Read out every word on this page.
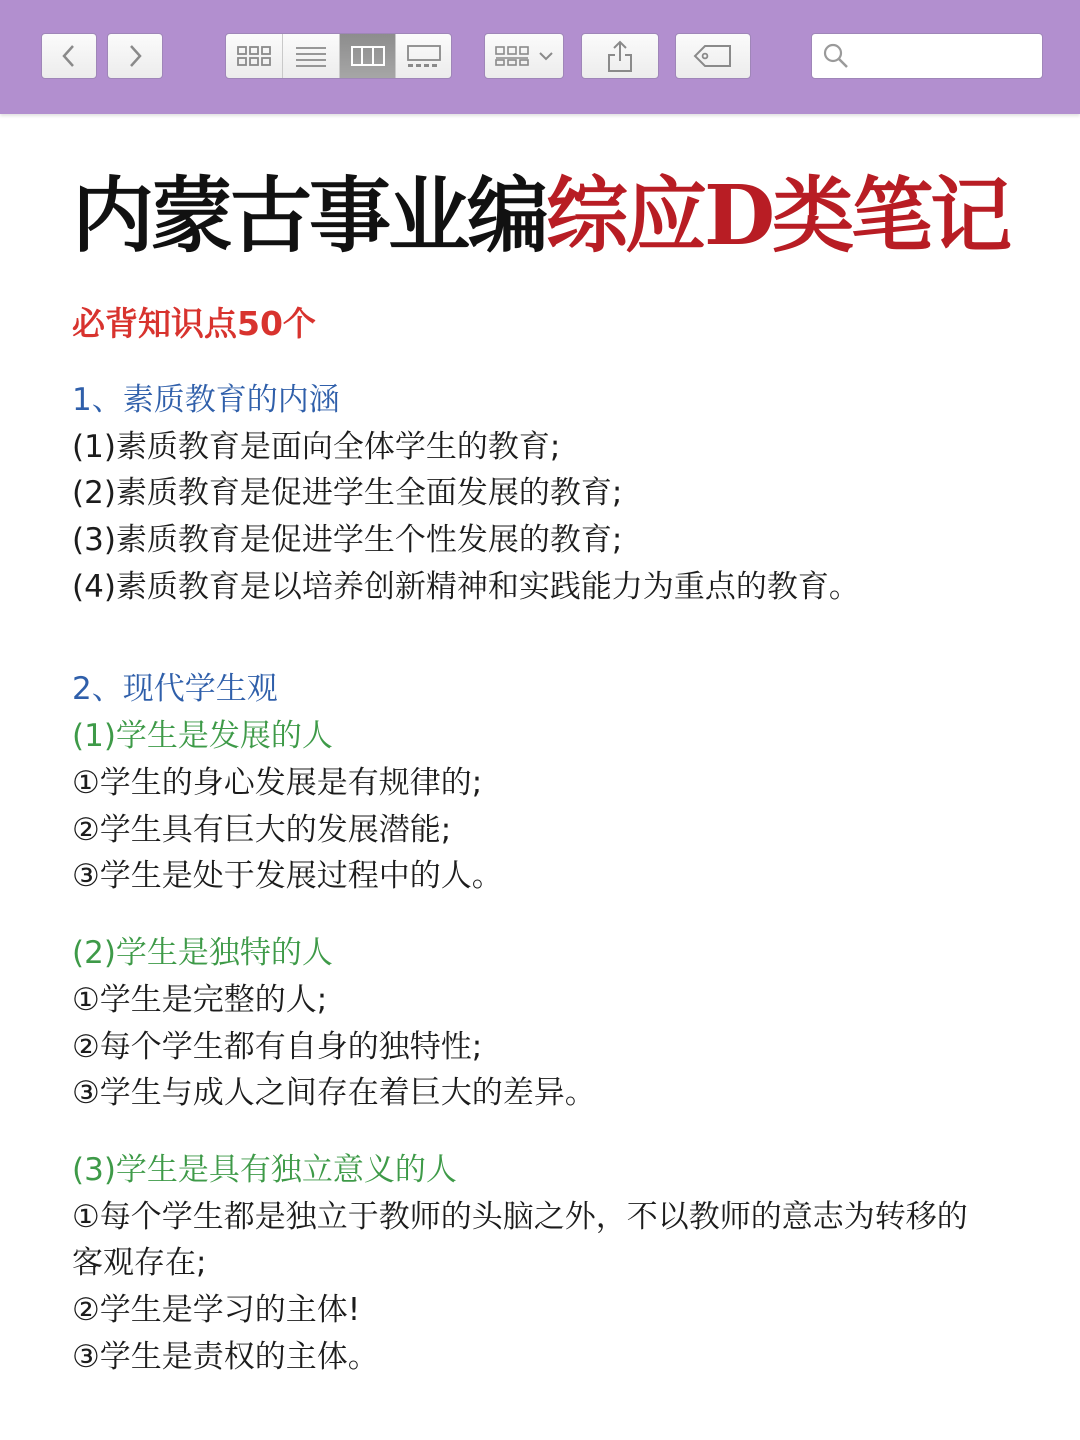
内蒙古事业编综应D类笔记
必背知识点50个
1、素质教育的内涵
(1)素质教育是面向全体学生的教育;
(2)素质教育是促进学生全面发展的教育;
(3)素质教育是促进学生个性发展的教育;
(4)素质教育是以培养创新精神和实践能力为重点的教育。
2、现代学生观
(1)学生是发展的人
①学生的身心发展是有规律的;
②学生具有巨大的发展潜能;
③学生是处于发展过程中的人。
(2)学生是独特的人
①学生是完整的人;
②每个学生都有自身的独特性;
③学生与成人之间存在着巨大的差异。
(3)学生是具有独立意义的人
①每个学生都是独立于教师的头脑之外，不以教师的意志为转移的
客观存在;
②学生是学习的主体!
③学生是责权的主体。
